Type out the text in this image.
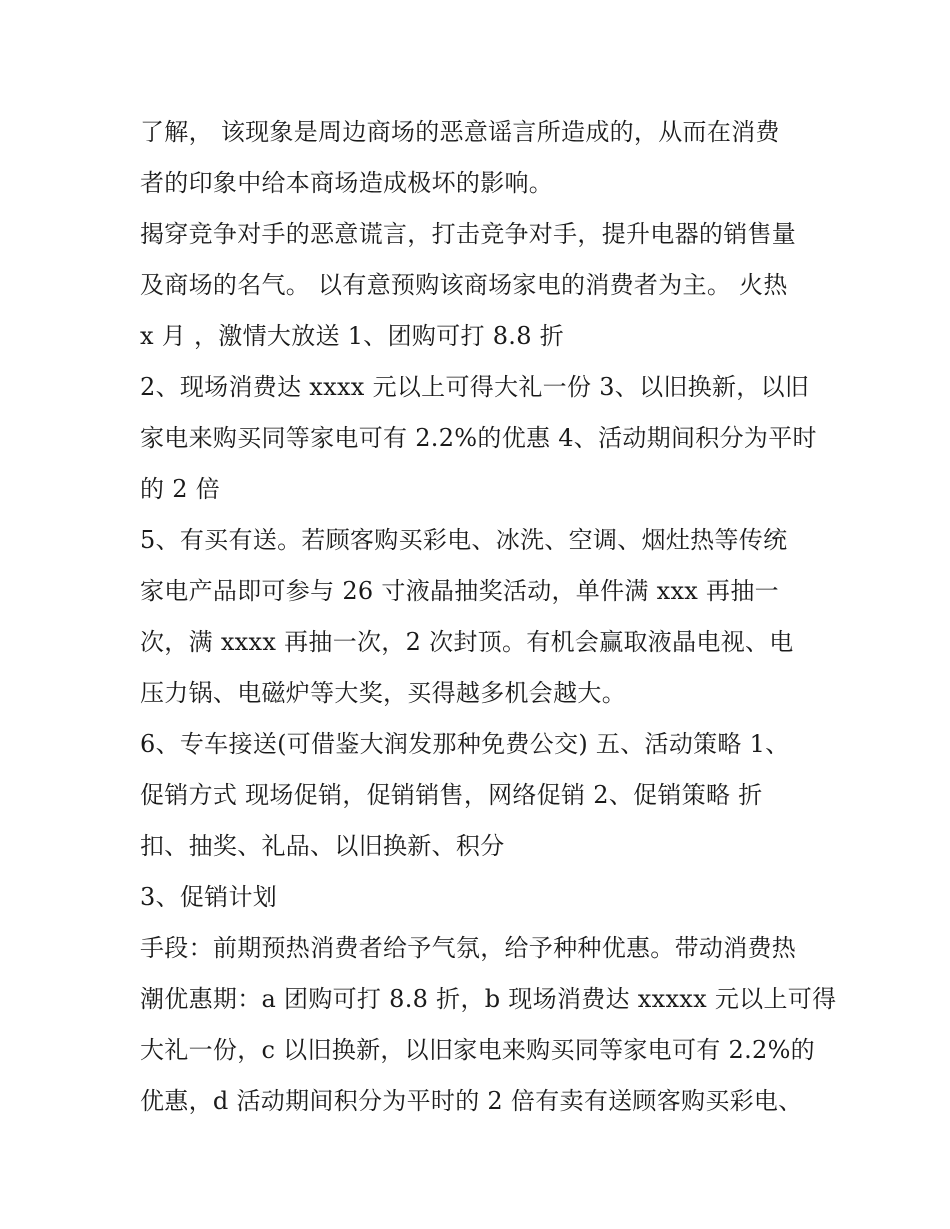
了解， 该现象是周边商场的恶意谣言所造成的，从而在消费
者的印象中给本商场造成极坏的影响。
揭穿竞争对手的恶意谎言，打击竞争对手，提升电器的销售量
及商场的名气。 以有意预购该商场家电的消费者为主。 火热
x 月 ，激情大放送 1、团购可打 8.8 折
2、现场消费达 xxxx 元以上可得大礼一份 3、以旧换新，以旧
家电来购买同等家电可有 2.2%的优惠 4、活动期间积分为平时
的 2 倍
5、有买有送。若顾客购买彩电、冰洗、空调、烟灶热等传统
家电产品即可参与 26 寸液晶抽奖活动，单件满 xxx 再抽一
次，满 xxxx 再抽一次，2 次封顶。有机会赢取液晶电视、电
压力锅、电磁炉等大奖，买得越多机会越大。
6、专车接送(可借鉴大润发那种免费公交) 五、活动策略 1、
促销方式 现场促销，促销销售，网络促销 2、促销策略 折
扣、抽奖、礼品、以旧换新、积分
3、促销计划
手段：前期预热消费者给予气氛，给予种种优惠。带动消费热
潮优惠期：a 团购可打 8.8 折，b 现场消费达 xxxxx 元以上可得
大礼一份，c 以旧换新，以旧家电来购买同等家电可有 2.2%的
优惠，d 活动期间积分为平时的 2 倍有卖有送顾客购买彩电、
